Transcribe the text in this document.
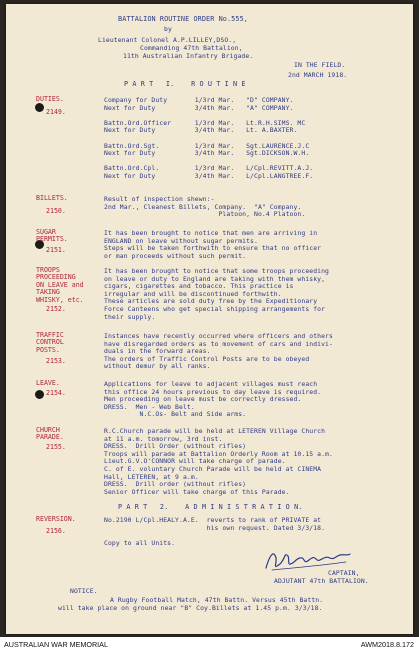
BATTALION ROUTINE ORDER No.555,
by
Lieutenant Colonel A.P.LILLEY,DSO.,
Commanding 47th Battalion,
11th Australian Infantry Brigade.
IN THE FIELD.
2nd MARCH 1918.
P A R T   I.    R O U T I N E
DUTIES.
2149.
Company for Duty       1/3rd Mar.   "D" COMPANY.
Next for Duty          3/4th Mar.   "A" COMPANY.

Battn.Ord.Officer      1/3rd Mar.   Lt.R.H.SIMS. MC
Next for Duty          3/4th Mar.   Lt. A.BAXTER.

Battn.Ord.Sgt.         1/3rd Mar.   Sgt.LAURENCE.J.C
Next for Duty          3/4th Mar.   Sgt.DICKSON.W.H.

Battn.Ord.Cpl.         1/3rd Mar.   L/Cpl.REVITT.A.J.
Next for Duty          3/4th Mar.   L/Cpl.LANGTREE.F.
BILLETS.
2150.
Result of inspection shewn:-
2nd Mar., Cleanest Billets, Company.  "A" Company.
Platoon, No.4 Platoon.
SUGAR
PERMITS.
2151.
It has been brought to notice that men are arriving in
ENGLAND on leave without sugar permits.
Steps will be taken forthwith to ensure that no officer
or man proceeds without such permit.
TROOPS
PROCEEDING
ON LEAVE and
TAKING
WHISKY, etc.
2152.
It has been brought to notice that some troops proceeding
on leave or duty to England are taking with them whisky,
cigars, cigarettes and tobacco. This practice is
irregular and will be discontinued forthwith.
These articles are sold duty free by the Expeditionary
Force Canteens who get special shipping arrangements for
their supply.
TRAFFIC
CONTROL
POSTS.
2153.
Instances have recently occurred where officers and others
have disregarded orders as to movement of cars and indivi-
duals in the forward areas.
The orders of Traffic Control Posts are to be obeyed
without demur by all ranks.
LEAVE.
2154.
Applications for leave to adjacent villages must reach
this office 24 hours previous to day leave is required.
Men proceeding on leave must be correctly dressed.
DRESS.  Men - Web Belt.
N.C.Os- Belt and Side arms.
CHURCH
PARADE.
2155.
R.C.Church parade will be held at LETEREN Village Church
at 11 a.m. tomorrow, 3rd inst.
DRESS.  Drill Order (without rifles)
Troops will parade at Battalion Orderly Room at 10.15 a.m.
Lieut.G.V.O'CONNOR will take charge of parade.
C. of E. voluntary Church Parade will be held at CINEMA
Hall, LETEREN, at 9 a.m.
DRESS.  Drill order (without rifles)
Senior Officer will take charge of this Parade.
P A R T   2.    A D M I N I S T R A T I O N.
REVERSION.
2156.
No.2190 L/Cpl.HEALY.A.E.  reverts to rank of PRIVATE at
his own request. Dated 3/3/18.

Copy to all Units.
CAPTAIN,
ADJUTANT 47th BATTALION.
NOTICE.
A Rugby Football Match, 47th Battn. Versus 45th Battn.
will take place on ground near "B" Coy.Billets at 1.45 p.m. 3/3/18.
AUSTRALIAN WAR MEMORIAL	AWM2018.8.172
